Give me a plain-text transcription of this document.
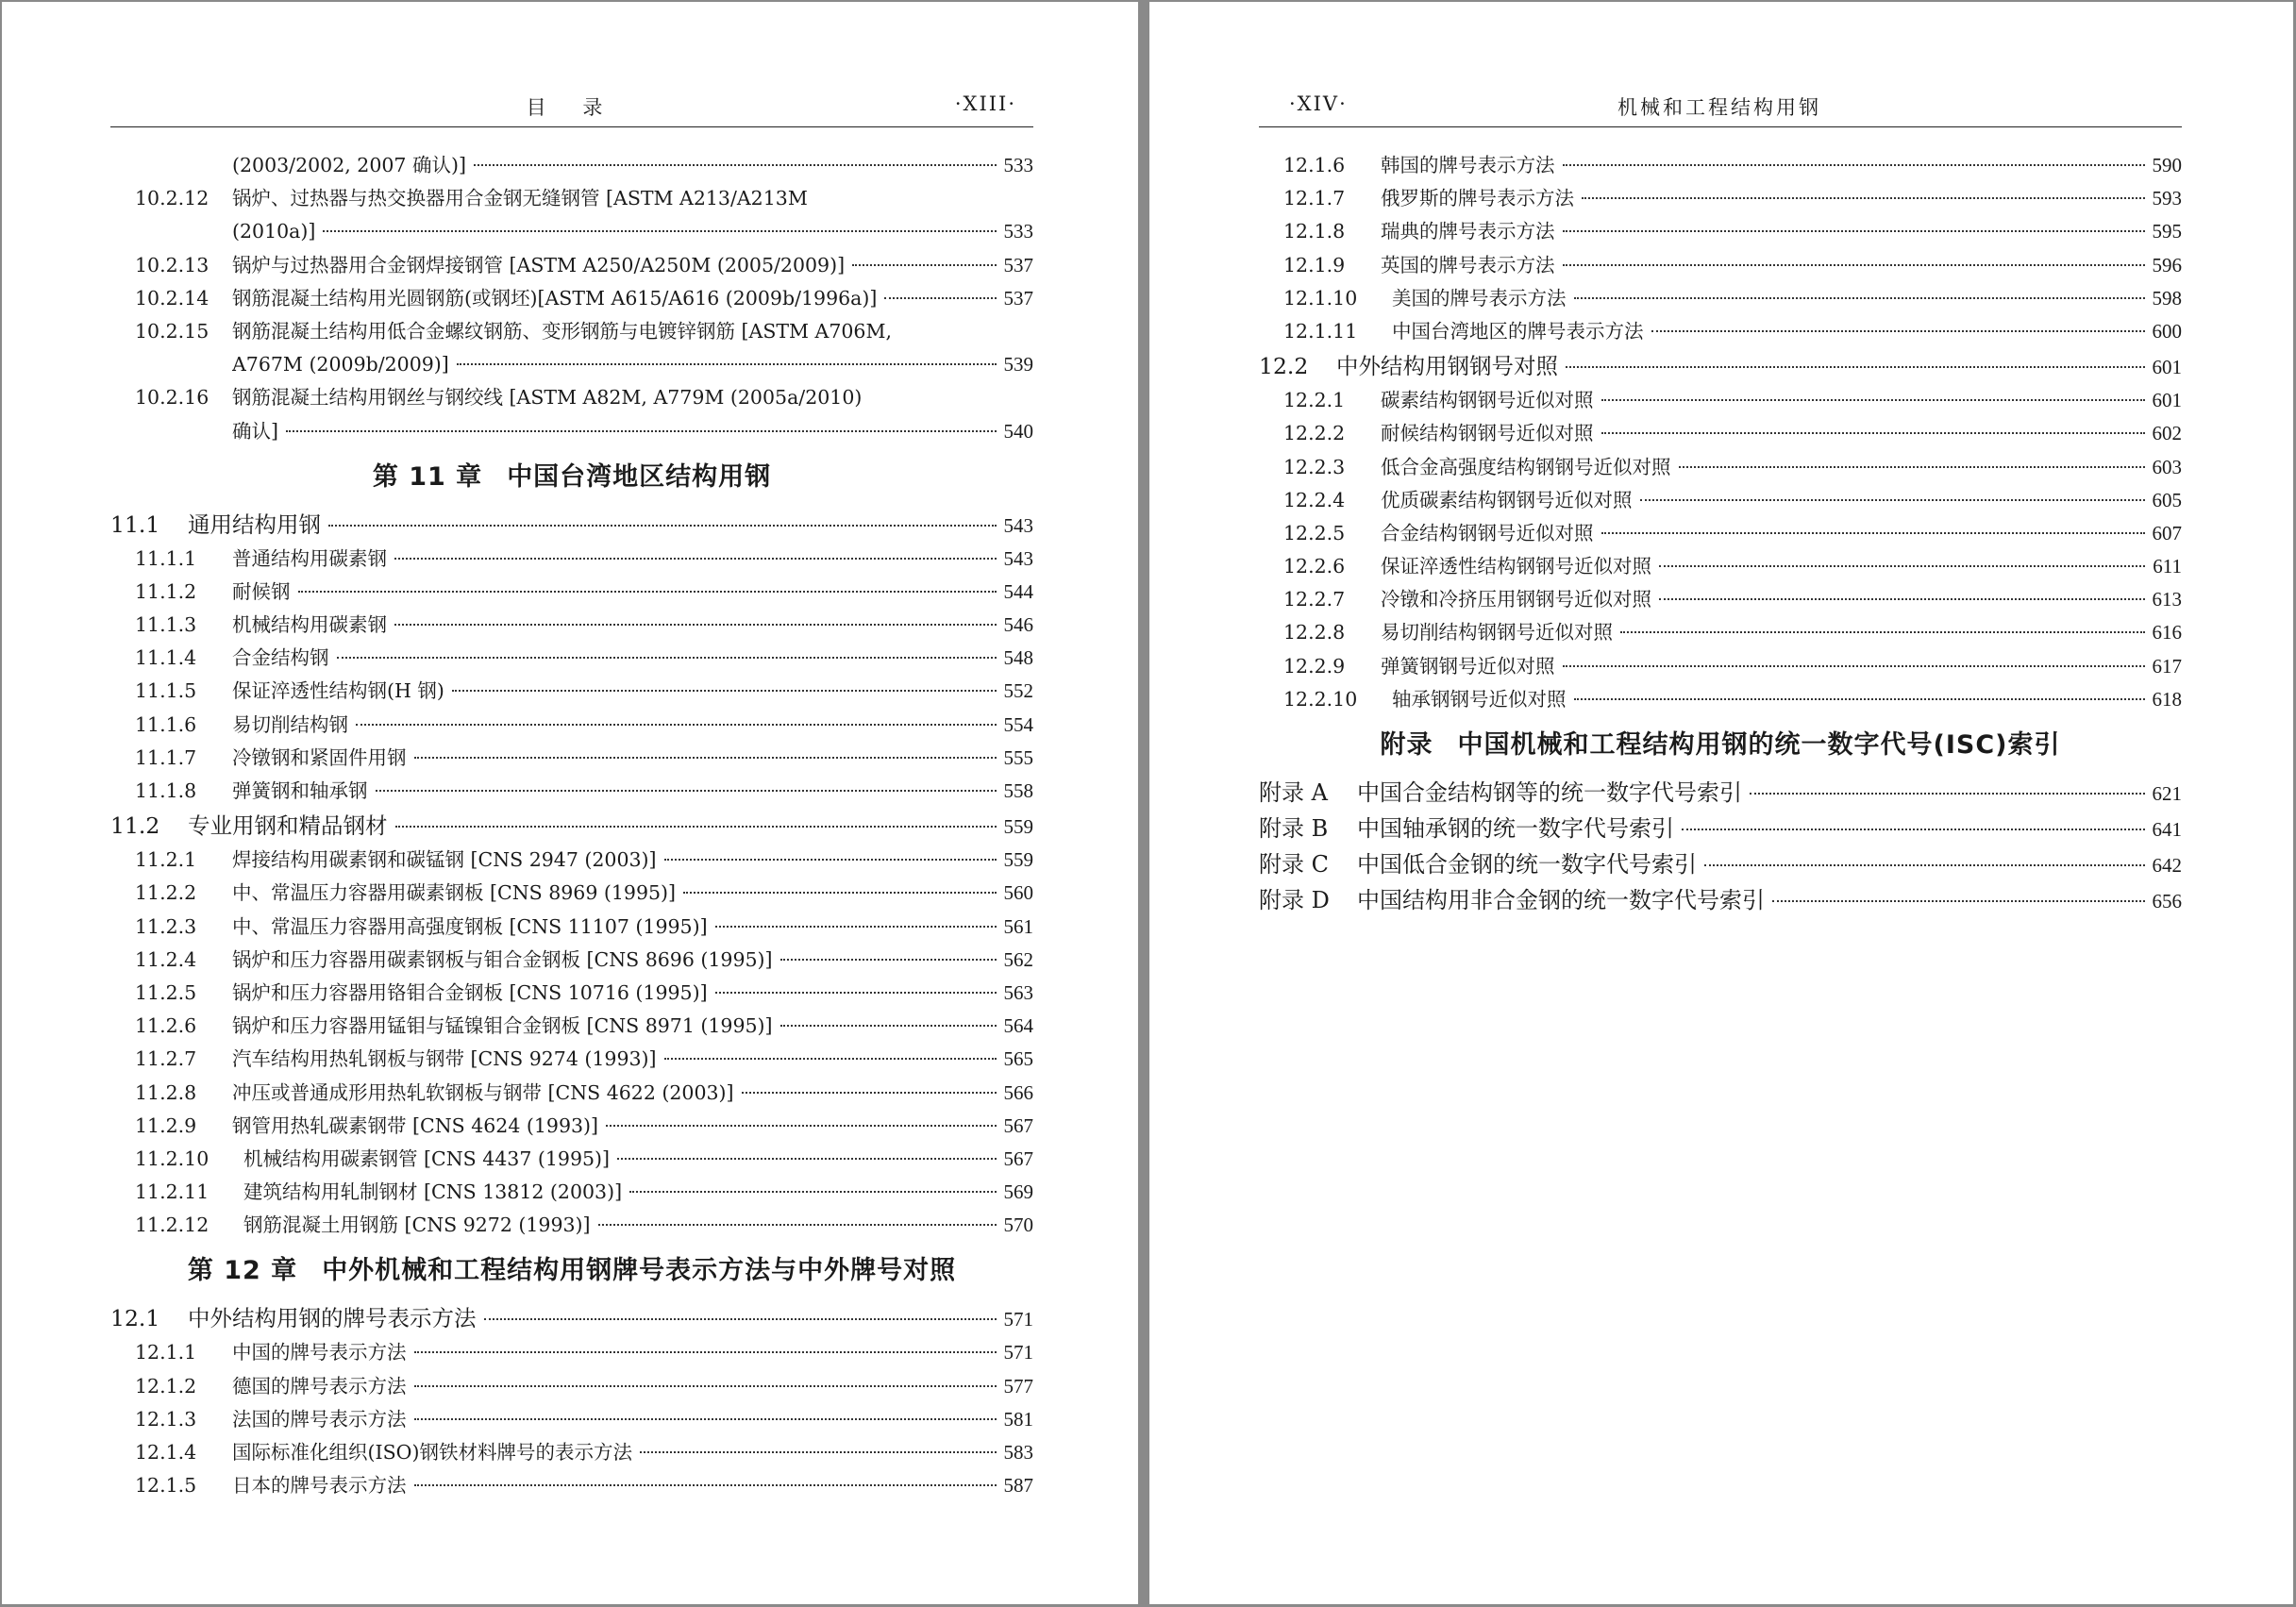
目 录	·XIII·
(2003/2002, 2007 确认)]	533
10.2.12	锅炉、过热器与热交换器用合金钢无缝钢管 [ASTM A213/A213M
(2010a)]	533
10.2.13	锅炉与过热器用合金钢焊接钢管 [ASTM A250/A250M (2005/2009)]	537
10.2.14	钢筋混凝土结构用光圆钢筋(或钢坯)[ASTM A615/A616 (2009b/1996a)]	537
10.2.15	钢筋混凝土结构用低合金螺纹钢筋、变形钢筋与电镀锌钢筋 [ASTM A706M,
A767M (2009b/2009)]	539
10.2.16	钢筋混凝土结构用钢丝与钢绞线 [ASTM A82M, A779M (2005a/2010)
确认]	540
第 11 章 中国台湾地区结构用钢
11.1	通用结构用钢	543
11.1.1	普通结构用碳素钢	543
11.1.2	耐候钢	544
11.1.3	机械结构用碳素钢	546
11.1.4	合金结构钢	548
11.1.5	保证淬透性结构钢(H 钢)	552
11.1.6	易切削结构钢	554
11.1.7	冷镦钢和紧固件用钢	555
11.1.8	弹簧钢和轴承钢	558
11.2	专业用钢和精品钢材	559
11.2.1	焊接结构用碳素钢和碳锰钢 [CNS 2947 (2003)]	559
11.2.2	中、常温压力容器用碳素钢板 [CNS 8969 (1995)]	560
11.2.3	中、常温压力容器用高强度钢板 [CNS 11107 (1995)]	561
11.2.4	锅炉和压力容器用碳素钢板与钼合金钢板 [CNS 8696 (1995)]	562
11.2.5	锅炉和压力容器用铬钼合金钢板 [CNS 10716 (1995)]	563
11.2.6	锅炉和压力容器用锰钼与锰镍钼合金钢板 [CNS 8971 (1995)]	564
11.2.7	汽车结构用热轧钢板与钢带 [CNS 9274 (1993)]	565
11.2.8	冲压或普通成形用热轧软钢板与钢带 [CNS 4622 (2003)]	566
11.2.9	钢管用热轧碳素钢带 [CNS 4624 (1993)]	567
11.2.10	机械结构用碳素钢管 [CNS 4437 (1995)]	567
11.2.11	建筑结构用轧制钢材 [CNS 13812 (2003)]	569
11.2.12	钢筋混凝土用钢筋 [CNS 9272 (1993)]	570
第 12 章 中外机械和工程结构用钢牌号表示方法与中外牌号对照
12.1	中外结构用钢的牌号表示方法	571
12.1.1	中国的牌号表示方法	571
12.1.2	德国的牌号表示方法	577
12.1.3	法国的牌号表示方法	581
12.1.4	国际标准化组织(ISO)钢铁材料牌号的表示方法	583
12.1.5	日本的牌号表示方法	587
·XIV·	机械和工程结构用钢
12.1.6	韩国的牌号表示方法	590
12.1.7	俄罗斯的牌号表示方法	593
12.1.8	瑞典的牌号表示方法	595
12.1.9	英国的牌号表示方法	596
12.1.10	美国的牌号表示方法	598
12.1.11	中国台湾地区的牌号表示方法	600
12.2	中外结构用钢钢号对照	601
12.2.1	碳素结构钢钢号近似对照	601
12.2.2	耐候结构钢钢号近似对照	602
12.2.3	低合金高强度结构钢钢号近似对照	603
12.2.4	优质碳素结构钢钢号近似对照	605
12.2.5	合金结构钢钢号近似对照	607
12.2.6	保证淬透性结构钢钢号近似对照	611
12.2.7	冷镦和冷挤压用钢钢号近似对照	613
12.2.8	易切削结构钢钢号近似对照	616
12.2.9	弹簧钢钢号近似对照	617
12.2.10	轴承钢钢号近似对照	618
附录 中国机械和工程结构用钢的统一数字代号(ISC)索引
附录 A	中国合金结构钢等的统一数字代号索引	621
附录 B	中国轴承钢的统一数字代号索引	641
附录 C	中国低合金钢的统一数字代号索引	642
附录 D	中国结构用非合金钢的统一数字代号索引	656
